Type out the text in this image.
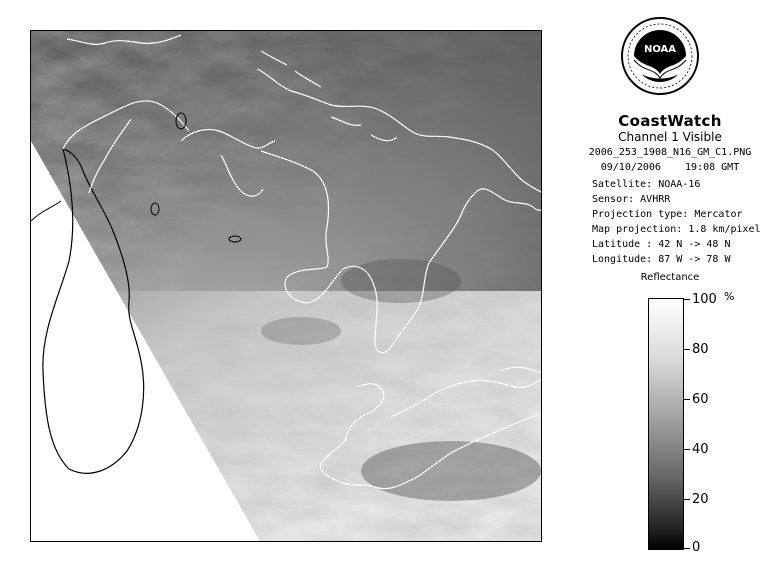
NOAA
CoastWatch
Channel 1 Visible
2006_253_1908_N16_GM_C1.PNG
09/10/2006    19:08 GMT
Satellite: NOAA-16
Sensor: AVHRR
Projection type: Mercator
Map projection: 1.8 km/pixel
Latitude : 42 N -> 48 N
Longitude: 87 W -> 78 W
Reflectance
%
100
80
60
40
20
0
